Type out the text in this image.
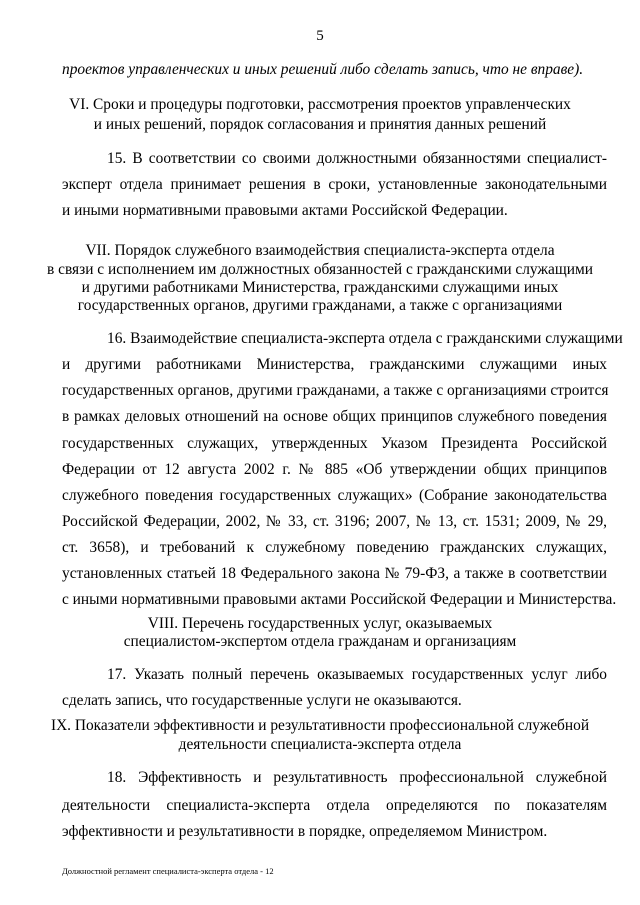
5
проектов управленческих и иных решений либо сделать запись, что не вправе).
VI. Сроки и процедуры подготовки, рассмотрения проектов управленческих
и иных решений, порядок согласования и принятия данных решений
15. В соответствии со своими должностными обязанностями специалист-
эксперт отдела принимает решения в сроки, установленные законодательными
и иными нормативными правовыми актами Российской Федерации.
VII. Порядок служебного взаимодействия специалиста-эксперта отдела
в связи с исполнением им должностных обязанностей с гражданскими служащими
и другими работниками Министерства, гражданскими служащими иных
государственных органов, другими гражданами, а также с организациями
16. Взаимодействие специалиста-эксперта отдела с гражданскими служащими
и другими работниками Министерства, гражданскими служащими иных
государственных органов, другими гражданами, а также с организациями строится
в рамках деловых отношений на основе общих принципов служебного поведения
государственных служащих, утвержденных Указом Президента Российской
Федерации от 12 августа 2002 г. № 885 «Об утверждении общих принципов
служебного поведения государственных служащих» (Собрание законодательства
Российской Федерации, 2002, № 33, ст. 3196; 2007, № 13, ст. 1531; 2009, № 29,
ст. 3658), и требований к служебному поведению гражданских служащих,
установленных статьей 18 Федерального закона № 79-ФЗ, а также в соответствии
с иными нормативными правовыми актами Российской Федерации и Министерства.
VIII. Перечень государственных услуг, оказываемых
специалистом-экспертом отдела гражданам и организациям
17. Указать полный перечень оказываемых государственных услуг либо
сделать запись, что государственные услуги не оказываются.
IX. Показатели эффективности и результативности профессиональной служебной
деятельности специалиста-эксперта отдела
18. Эффективность и результативность профессиональной служебной
деятельности специалиста-эксперта отдела определяются по показателям
эффективности и результативности в порядке, определяемом Министром.
Должностной регламент специалиста-эксперта отдела - 12
